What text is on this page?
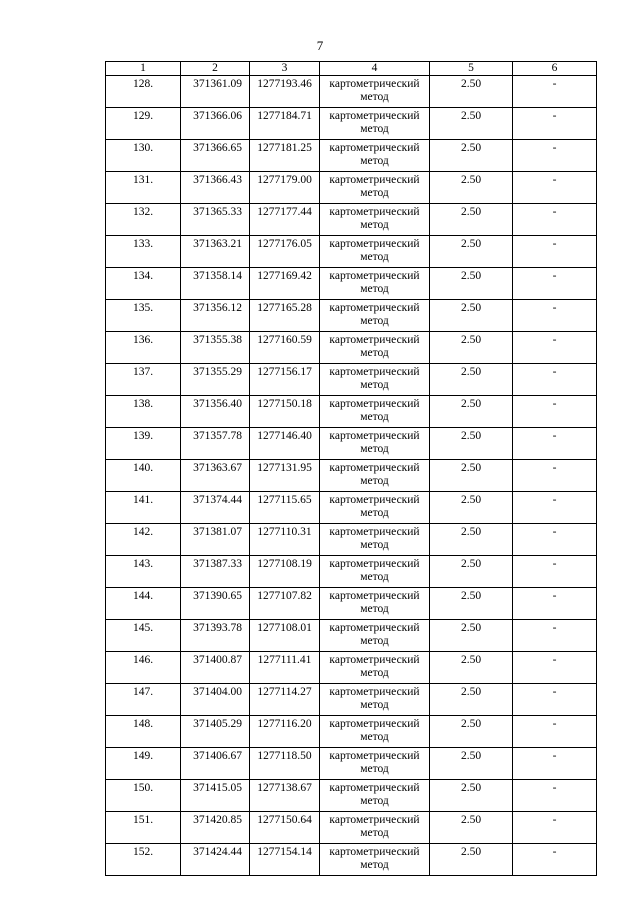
7
1	2	3	4	5	6
128.	371361.09	1277193.46	картометрический метод	2.50	-
129.	371366.06	1277184.71	картометрический метод	2.50	-
130.	371366.65	1277181.25	картометрический метод	2.50	-
131.	371366.43	1277179.00	картометрический метод	2.50	-
132.	371365.33	1277177.44	картометрический метод	2.50	-
133.	371363.21	1277176.05	картометрический метод	2.50	-
134.	371358.14	1277169.42	картометрический метод	2.50	-
135.	371356.12	1277165.28	картометрический метод	2.50	-
136.	371355.38	1277160.59	картометрический метод	2.50	-
137.	371355.29	1277156.17	картометрический метод	2.50	-
138.	371356.40	1277150.18	картометрический метод	2.50	-
139.	371357.78	1277146.40	картометрический метод	2.50	-
140.	371363.67	1277131.95	картометрический метод	2.50	-
141.	371374.44	1277115.65	картометрический метод	2.50	-
142.	371381.07	1277110.31	картометрический метод	2.50	-
143.	371387.33	1277108.19	картометрический метод	2.50	-
144.	371390.65	1277107.82	картометрический метод	2.50	-
145.	371393.78	1277108.01	картометрический метод	2.50	-
146.	371400.87	1277111.41	картометрический метод	2.50	-
147.	371404.00	1277114.27	картометрический метод	2.50	-
148.	371405.29	1277116.20	картометрический метод	2.50	-
149.	371406.67	1277118.50	картометрический метод	2.50	-
150.	371415.05	1277138.67	картометрический метод	2.50	-
151.	371420.85	1277150.64	картометрический метод	2.50	-
152.	371424.44	1277154.14	картометрический метод	2.50	-
